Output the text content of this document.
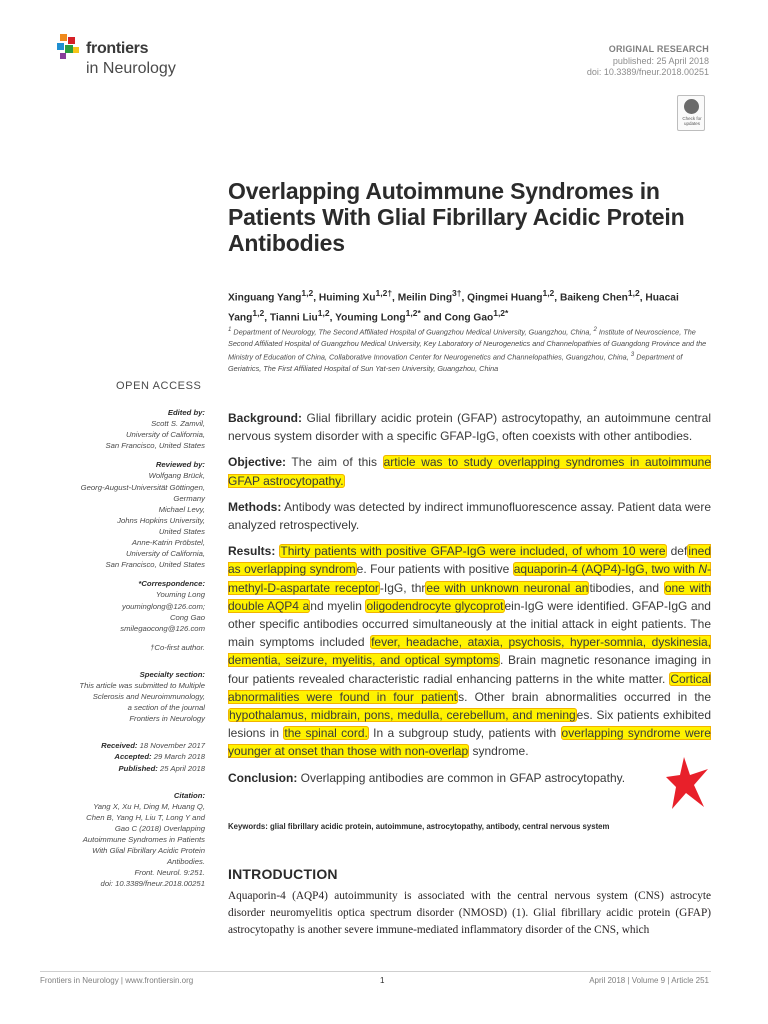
frontiers
in Neurology
ORIGINAL RESEARCH
published: 25 April 2018
doi: 10.3389/fneur.2018.00251
Check for updates
Overlapping Autoimmune Syndromes in Patients With Glial Fibrillary Acidic Protein Antibodies
Xinguang Yang$^{1,2}$, Huiming $Xu^{1,2\dagger}$, Meilin Ding$^{3\dagger}$, Qingmei Huang$^{1,2}$, Baikeng Chen$^{1,2}$, Huacai Yang$^{1,2}$, Tianni Liu$^{1,2}$, Youming Long$^{1,2*}$ and Cong Gao$^{1,2*}$
$^1$ Department of Neurology, The Second Affiliated Hospital of Guangzhou Medical University, Guangzhou, China, $^2$ Institute of Neuroscience, The Second Affiliated Hospital of Guangzhou Medical University, Key Laboratory of Neurogenetics and Channelopathies of Guangdong Province and the Ministry of Education of China, Collaborative Innovation Center for Neurogenetics and Channelopathies, Guangzhou, China, $^3$ Department of Geriatrics, The First Affiliated Hospital of Sun Yat-sen University, Guangzhou, China
OPEN ACCESS
Edited by:
Scott S. Zamvil,
University of California,
San Francisco, United States
Reviewed by:
Wolfgang Brück,
Georg-August-Universität Göttingen,
Germany
Michael Levy,
Johns Hopkins University,
United States
Anne-Katrin Pröbstel,
University of California,
San Francisco, United States
*Correspondence:
Youming Long
youminglong@126.com;
Cong Gao
smilegaocong@126.com
†Co-first author.
Specialty section:
This article was submitted to Multiple
Sclerosis and Neuroimmunology,
a section of the journal
Frontiers in Neurology
Received: 18 November 2017
Accepted: 29 March 2018
Published: 25 April 2018
Citation:
Yang X, Xu H, Ding M, Huang Q,
Chen B, Yang H, Liu T, Long Y and
Gao C (2018) Overlapping
Autoimmune Syndromes in Patients
With Glial Fibrillary Acidic Protein
Antibodies.
Front. Neurol. 9:251.
doi: 10.3389/fneur.2018.00251

Background: Glial fibrillary acidic protein (GFAP) astrocytopathy, an autoimmune central nervous system disorder with a specific GFAP-IgG, often coexists with other antibodies.

Objective: The aim of this article was to study overlapping syndromes in autoimmune GFAP astrocytopathy.

Methods: Antibody was detected by indirect immunofluorescence assay. Patient data were analyzed retrospectively.

Results: Thirty patients with positive GFAP-IgG were included, of whom 10 were defined as overlapping syndrome. Four patients with positive aquaporin-4 (AQP4)-IgG, two with N-methyl-D-aspartate receptor-IgG, three with unknown neuronal antibodies, and one with double AQP4 and myelin oligodendrocyte glycoprotein-IgG were identified. GFAP-IgG and other specific antibodies occurred simultaneously at the initial attack in eight patients. The main symptoms included fever, headache, ataxia, psychosis, hyper-somnia, dyskinesia, dementia, seizure, myelitis, and optical symptoms. Brain magnetic resonance imaging in four patients revealed characteristic radial enhancing patterns in the white matter. Cortical abnormalities were found in four patients. Other brain abnormalities occurred in the hypothalamus, midbrain, pons, medulla, cerebellum, and meninges. Six patients exhibited lesions in the spinal cord. In a subgroup study, patients with overlapping syndrome were younger at onset than those with non-overlap syndrome.

Conclusion: Overlapping antibodies are common in GFAP astrocytopathy.

Keywords: glial fibrillary acidic protein, autoimmune, astrocytopathy, antibody, central nervous system
INTRODUCTION
Aquaporin-4 (AQP4) autoimmunity is associated with the central nervous system (CNS) astrocyte disorder neuromyelitis optica spectrum disorder (NMOSD) (1). Glial fibrillary acidic protein (GFAP) astrocytopathy is another severe immune-mediated inflammatory disorder of the CNS, which
Frontiers in Neurology | www.frontiersin.org	1	April 2018 | Volume 9 | Article 251
